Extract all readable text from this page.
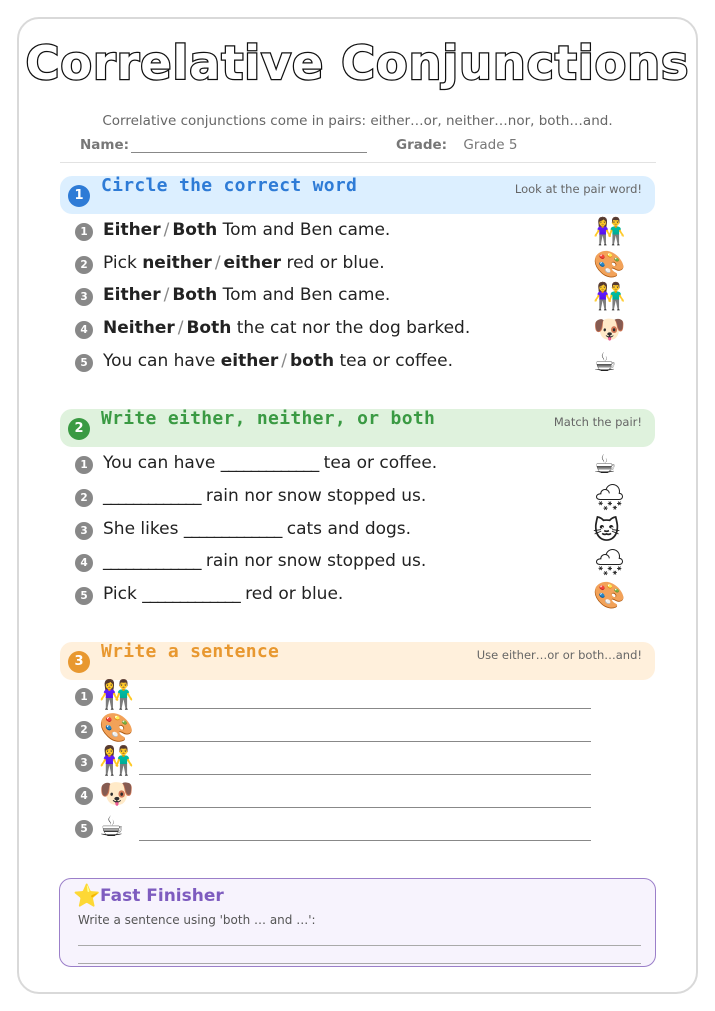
Correlative Conjunctions
Correlative conjunctions come in pairs: either…or, neither…nor, both…and.
Name:	Grade: Grade 5
1 Circle the correct word	Look at the pair word!
1 Either / Both Tom and Ben came.	👫
2 Pick neither / either red or blue.	🎨
3 Either / Both Tom and Ben came.	👫
4 Neither / Both the cat nor the dog barked.	🐶
5 You can have either / both tea or coffee.	☕
2 Write either, neither, or both	Match the pair!
1 You can have _____________ tea or coffee.	☕
2 _____________ rain nor snow stopped us.	🌨
3 She likes _____________ cats and dogs.	🐱
4 _____________ rain nor snow stopped us.	🌨
5 Pick _____________ red or blue.	🎨
3 Write a sentence	Use either…or or both…and!
1 👫
2 🎨
3 👫
4 🐶
5 ☕
⭐ Fast Finisher
Write a sentence using 'both … and …':
